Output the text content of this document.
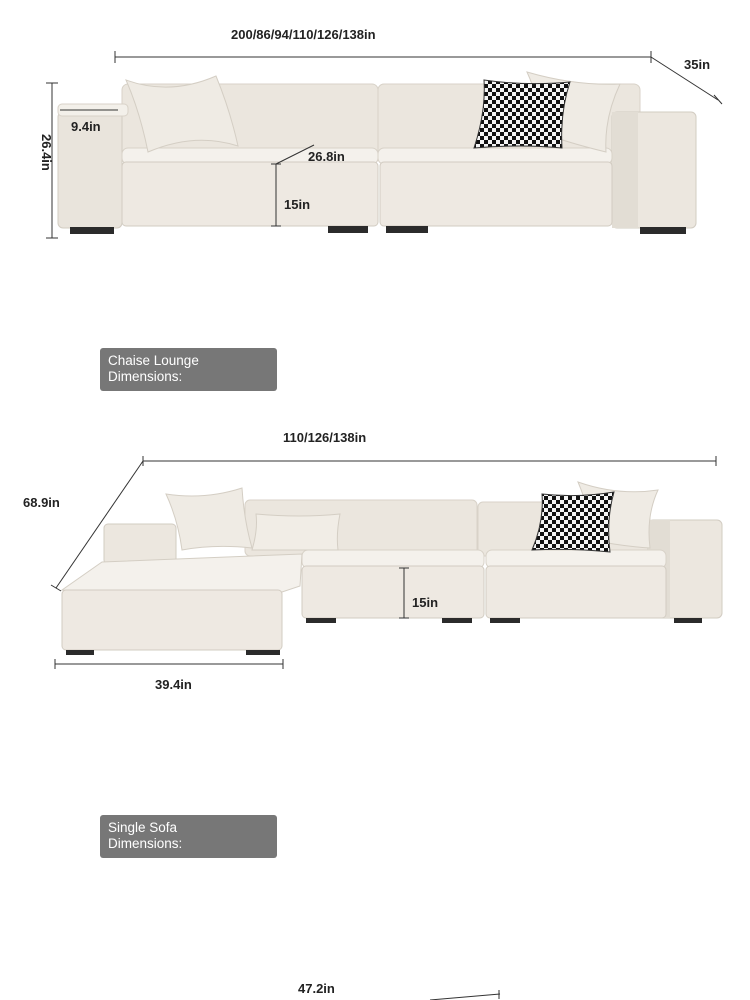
200/86/94/110/126/138in
35in
26.4in
9.4in
26.8in
15in
Chaise Lounge
Dimensions:
110/126/138in
68.9in
15in
39.4in
Single Sofa
Dimensions:
47.2in
